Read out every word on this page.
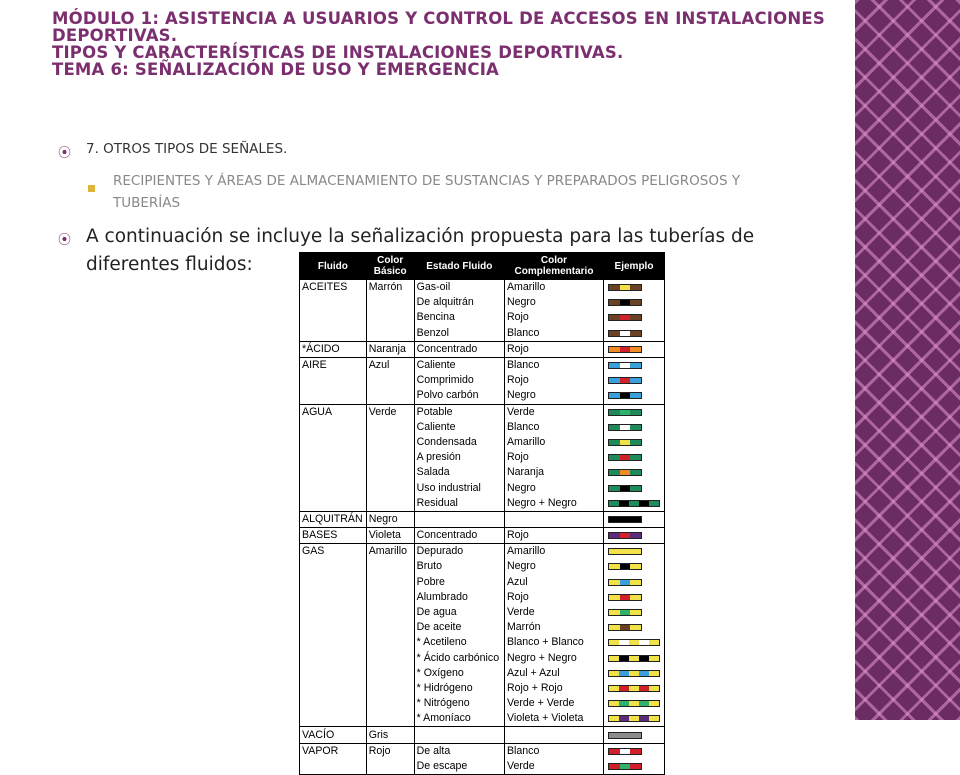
MÓDULO 1: ASISTENCIA A USUARIOS Y CONTROL DE ACCESOS EN INSTALACIONES
DEPORTIVAS.
TIPOS Y CARACTERÍSTICAS DE INSTALACIONES DEPORTIVAS.
TEMA 6: SEÑALIZACIÓN DE USO Y EMERGENCIA
⦿ 7. OTROS TIPOS DE SEÑALES.
RECIPIENTES Y ÁREAS DE ALMACENAMIENTO DE SUSTANCIAS Y PREPARADOS PELIGROSOS Y
TUBERÍAS
⦿ A continuación se incluye la señalización propuesta para las tuberías de
diferentes fluidos:	Fluido	Color Básico	Estado Fluido	Color Complementario	Ejemplo
ACEITES	Marrón	Gas-oil	Amarillo	

		De alquitrán	Negro	

		Bencina	Rojo	

		Benzol	Blanco	

*ÁCIDO	Naranja	Concentrado	Rojo	

AIRE	Azul	Caliente	Blanco	

		Comprimido	Rojo	

		Polvo carbón	Negro	

AGUA	Verde	Potable	Verde	

		Caliente	Blanco	

		Condensada	Amarillo	

		A presión	Rojo	

		Salada	Naranja	

		Uso industrial	Negro	

		Residual	Negro + Negro	

ALQUITRÁN	Negro			

BASES	Violeta	Concentrado	Rojo	

GAS	Amarillo	Depurado	Amarillo	

		Bruto	Negro	

		Pobre	Azul	

		Alumbrado	Rojo	

		De agua	Verde	

		De aceite	Marrón	

		* Acetileno	Blanco + Blanco	

		* Ácido carbónico	Negro + Negro	

		* Oxígeno	Azul + Azul	

		* Hidrógeno	Rojo + Rojo	

		* Nitrógeno	Verde + Verde	

		* Amoníaco	Violeta + Violeta	

VACÍO	Gris			

VAPOR	Rojo	De alta	Blanco	

		De escape	Verde	
